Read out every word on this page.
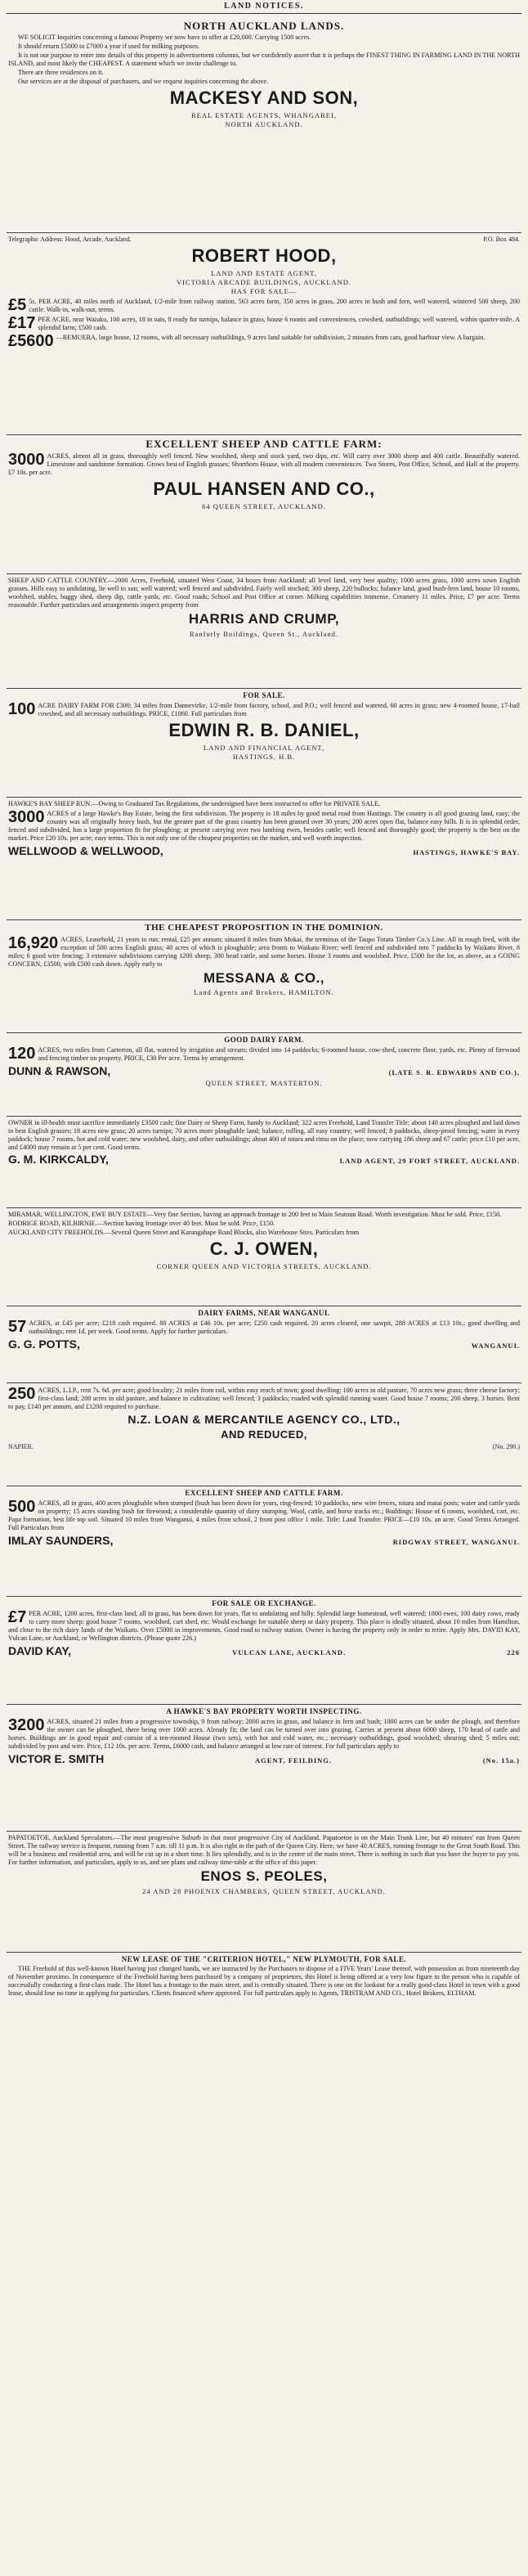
LAND NOTICES.
NORTH AUCKLAND LANDS.

WE SOLICIT Inquiries concerning a famous Property we now have to offer at £20,000. Carrying 1500 acres.

It should return £5000 to £7000 a year if used for milking purposes.

It is not our purpose to enter into details of this property in advertisement columns, but we confidently assert that it is perhaps the FINEST THING IN FARMING LAND IN THE NORTH ISLAND, and most likely the CHEAPEST. A statement which we invite challenge to.

There are three residences on it.

Our services are at the disposal of purchasers, and we request inquiries concerning the above.

MACKESY AND SON,
REAL ESTATE AGENTS, WHANGAREI,
NORTH AUCKLAND.
Telegraphic Address: Hood, Arcade, Auckland.	P.O. Box 484.
ROBERT HOOD,
LAND AND ESTATE AGENT,
VICTORIA ARCADE BUILDINGS, AUCKLAND.
HAS FOR SALE—
£5 5s. PER ACRE, 40 miles north of Auckland, 1/2-mile from railway station, 563 acres farm, 350 acres in grass, 200 acres in bush and fern, well watered, wintered 500 sheep, 200 cattle. Walk-in, walk-out, terms.
£17 PER ACRE, near Waiuku, 100 acres, 18 in oats, 8 ready for turnips, balance in grass, house 6 rooms and conveniences, cowshed, outbuildings; well watered, within quarter-mile. A splendid farm; £500 cash.
£5600 —REMUERA, large house, 12 rooms, with all necessary outbuildings, 9 acres land suitable for subdivision, 2 minutes from cars, good harbour view. A bargain.
EXCELLENT SHEEP AND CATTLE FARM:
3000 ACRES, almost all in grass, thoroughly well fenced. New woolshed, sheep and stock yard, two dips, etc. Will carry over 3000 sheep and 400 cattle. Beautifully watered. Limestone and sandstone formation. Grows best of English grasses; Shorthorn House, with all modern conveniences. Two Stores, Post Office, School, and Hall at the property. £7 10s. per acre.
PAUL HANSEN AND CO.,
64 QUEEN STREET, AUCKLAND.

SHEEP AND CATTLE COUNTRY.—2000 Acres, Freehold, situated West Coast, 34 hours from Auckland; all level land, very best quality; 1000 acres grass, 1000 acres sown English grasses. Hills easy to undulating, lie well to sun; well watered; well fenced and subdivided. Fairly well stocked; 300 sheep, 220 bullocks; balance land, good bush-fern land, house 10 rooms, woolshed, stables, buggy shed, sheep dip, cattle yards, etc. Good roads; School and Post Office at corner. Milking capabilities immense. Creamery 11 miles. Price, £7 per acre. Terms reasonable. Further particulars and arrangements inspect property from

HARRIS AND CRUMP,
Ranfurly Buildings, Queen St., Auckland.
FOR SALE.
100 ACRE DAIRY FARM FOR £300; 34 miles from Dannevirke, 1/2-mile from factory, school, and P.O.; well fenced and watered, 60 acres in grass; new 4-roomed house, 17-bail cowshed, and all necessary outbuildings. PRICE, £1060. Full particulars from
EDWIN R. B. DANIEL,
LAND AND FINANCIAL AGENT,
HASTINGS, H.B.

HAWKE'S BAY SHEEP RUN.—Owing to Graduated Tax Regulations, the undersigned have been instructed to offer for PRIVATE SALE,

3000 ACRES of a large Hawke's Bay Estate, being the first subdivision. The property is 18 miles by good metal road from Hastings. The country is all good grazing land, easy; the country was all originally heavy bush, but the greater part of the grass country has been grassed over 30 years; 200 acres open flat, balance easy hills. It is in splendid order, fenced and subdivided, has a large proportion fit for ploughing; at present carrying over two lambing ewes, besides cattle; well fenced and thoroughly good; the property is the best on the market. Price £20 10s. per acre; easy terms. This is not only one of the cheapest properties on the market, and well worth inspection.
WELLWOOD & WELLWOOD,	HASTINGS, HAWKE'S BAY.
THE CHEAPEST PROPOSITION IN THE DOMINION.
16,920 ACRES, Leasehold, 21 years to run; rental, £25 per annum; situated 8 miles from Mokai, the terminus of the Taupo Totara Timber Co.'s Line. All in rough feed, with the exception of 500 acres English grass; 40 acres of which is ploughable; area fronts to Waikato River; well fenced and subdivided into 7 paddocks by Waikato River, 8 miles; 6 good wire fencing; 3 extensive subdivisions carrying 1200 sheep, 300 head cattle, and some horses. House 3 rooms and woolshed. Price, £500 for the lot, as above, as a GOING CONCERN, £3500, with £500 cash down. Apply early to
MESSANA & CO.,
Land Agents and Brokers, HAMILTON.
GOOD DAIRY FARM.
120 ACRES, two miles from Carterton, all flat, watered by irrigation and stream; divided into 14 paddocks; 6-roomed house, cow-shed, concrete floor, yards, etc. Plenty of firewood and fencing timber on property. PRICE, £30 Per acre. Terms by arrangement.
DUNN & RAWSON,	(LATE S. R. EDWARDS AND CO.),
QUEEN STREET, MASTERTON.

OWNER in ill-health must sacrifice immediately £3500 cash; fine Dairy or Sheep Farm, handy to Auckland; 322 acres Freehold, Land Transfer Title; about 140 acres ploughed and laid down in best English grasses; 18 acres new grass; 20 acres turnips; 70 acres more ploughable land; balance, rolling, all easy country; well fenced; 8 paddocks, sheep-proof fencing; water in every paddock; house 7 rooms, hot and cold water; new woolshed, dairy, and other outbuildings; about 400 of totara and rimu on the place; now carrying 186 sheep and 67 cattle; price £10 per acre, and £4000 may remain at 5 per cent. Good terms.

G. M. KIRKCALDY,	LAND AGENT, 29 FORT STREET, AUCKLAND.

MIRAMAR, WELLINGTON, EWE BUY ESTATE—Very fine Section, having an approach frontage to 200 feet to Main Seatoun Road. Worth investigation. Must be sold. Price, £150.

RODRIGE ROAD, KILBIRNIE.—Section having frontage over 40 feet. Must be sold. Price, £150.

AUCKLAND CITY FREEHOLDS.—Several Queen Street and Karangahape Road Blocks, also Warehouse Sites. Particulars from

C. J. OWEN,
CORNER QUEEN AND VICTORIA STREETS, AUCKLAND.
DAIRY FARMS, NEAR WANGANUI.
57 ACRES, at £45 per acre; £218 cash required. 80 ACRES at £46 10s. per acre; £250 cash required. 20 acres cleared, one sawpit, 288 ACRES at £13 10s.; good dwelling and outbuildings; rent 1d. per week. Good terms. Apply for further particulars.
G. G. POTTS,	WANGANUI.
250 ACRES, L.I.P., rent 7s. 6d. per acre; good locality; 21 miles from rail, within easy reach of town; good dwelling; 100 acres in old pasture, 70 acres new grass; three cheese factory; first-class land; 200 acres in old pasture, and balance in cultivation; well fenced; 3 paddocks; roaded with splendid running water. Good house 7 rooms; 200 sheep, 3 horses. Rent to pay, £140 per annum, and £1200 required to purchase.
N.Z. LOAN & MERCANTILE AGENCY CO., LTD.,
AND REDUCED,
NAPIER.	(No. 290.)
EXCELLENT SHEEP AND CATTLE FARM.
500 ACRES, all in grass, 400 acres ploughable when stumped (bush has been down for years, ring-fenced; 10 paddocks, new wire fences, totara and matai posts; water and cattle yards on property; 15 acres standing bush for firewood; a considerable quantity of dairy stumping. Wool, cattle, and horse tracks etc.; Buildings: House of 6 rooms, woolshed, cart, etc. Papa formation, best life top soil. Situated 10 miles from Wanganui, 4 miles from school, 2 from post office 1 mile. Title: Land Transfer. PRICE—£10 10s. an acre. Good Terms Arranged. Full Particulars from
IMLAY SAUNDERS,	RIDGWAY STREET, WANGANUI.
FOR SALE OR EXCHANGE.
£7 PER ACRE, 1200 acres, first-class land, all in grass, has been down for years, flat to undulating and hilly. Splendid large homestead, well watered; 1800 ewes, 100 dairy cows, ready to carry more sheep; good house 7 rooms, woolshed, cart shed, etc. Would exchange for suitable sheep or dairy property. This place is ideally situated, about 10 miles from Hamilton, and close to the rich dairy lands of the Waikato. Over £5000 in improvements. Good road to railway station. Owner is having the property only in order to retire. Apply Mrs. DAVID KAY, Vulcan Lane, or Auckland, or Wellington districts. (Please quote 226.)
DAVID KAY,	VULCAN LANE, AUCKLAND.	226
A HAWKE'S BAY PROPERTY WORTH INSPECTING.
3200 ACRES, situated 21 miles from a progressive township, 9 from railway; 2000 acres in grass, and balance in fern and bush; 1000 acres can be under the plough, and therefore the owner can be ploughed, there being over 1000 acres. Already fit; the land can be turned over into grazing. Carries at present about 6000 sheep, 170 head of cattle and horses. Buildings are in good repair and consist of a ten-roomed House (two sets), with hot and cold water, etc.; necessary outbuildings, good woolshed; shearing shed; 5 miles out; subdivided by post and wire. Price, £12 10s. per acre. Terms, £6000 cash, and balance arranged at low rate of interest. For full particulars apply to
VICTOR E. SMITH	AGENT, FEILDING.	(No. 15a.)

PAPATOETOE, Auckland Speculators.—The most progressive Suburb in that most progressive City of Auckland. Papatoetoe is on the Main Trunk Line, but 40 minutes' run from Queen Street. The railway service is frequent, running from 7 a.m. till 11 p.m. It is also right in the path of the Queen City. Here, we have 40 ACRES, running frontage to the Great South Road. This will be a business and residential area, and will be cut up in a short time. It lies splendidly, and is in the centre of the main street. There is nothing in such that you have the buyer to pay you. For further information, and particulars, apply to us, and see plans and railway time-table at the office of this paper.

ENOS S. PEOLES,
24 AND 28 PHOENIX CHAMBERS, QUEEN STREET, AUCKLAND.
NEW LEASE OF THE "CRITERION HOTEL," NEW PLYMOUTH, FOR SALE.

THE Freehold of this well-known Hotel having just changed hands, we are instructed by the Purchasers to dispose of a FIVE Years' Lease thereof, with possession as from nineteenth day of November proximo. In consequence of the Freehold having been purchased by a company of proprietors, this Hotel is being offered at a very low figure to the person who is capable of successfully conducting a first-class trade. The Hotel has a frontage to the main street, and is centrally situated. There is one on the lookout for a really good-class Hotel in town with a good lease, should lose no time in applying for particulars. Clients financed where approved. For full particulars apply to Agents, TRISTRAM AND CO., Hotel Brokers, ELTHAM.
